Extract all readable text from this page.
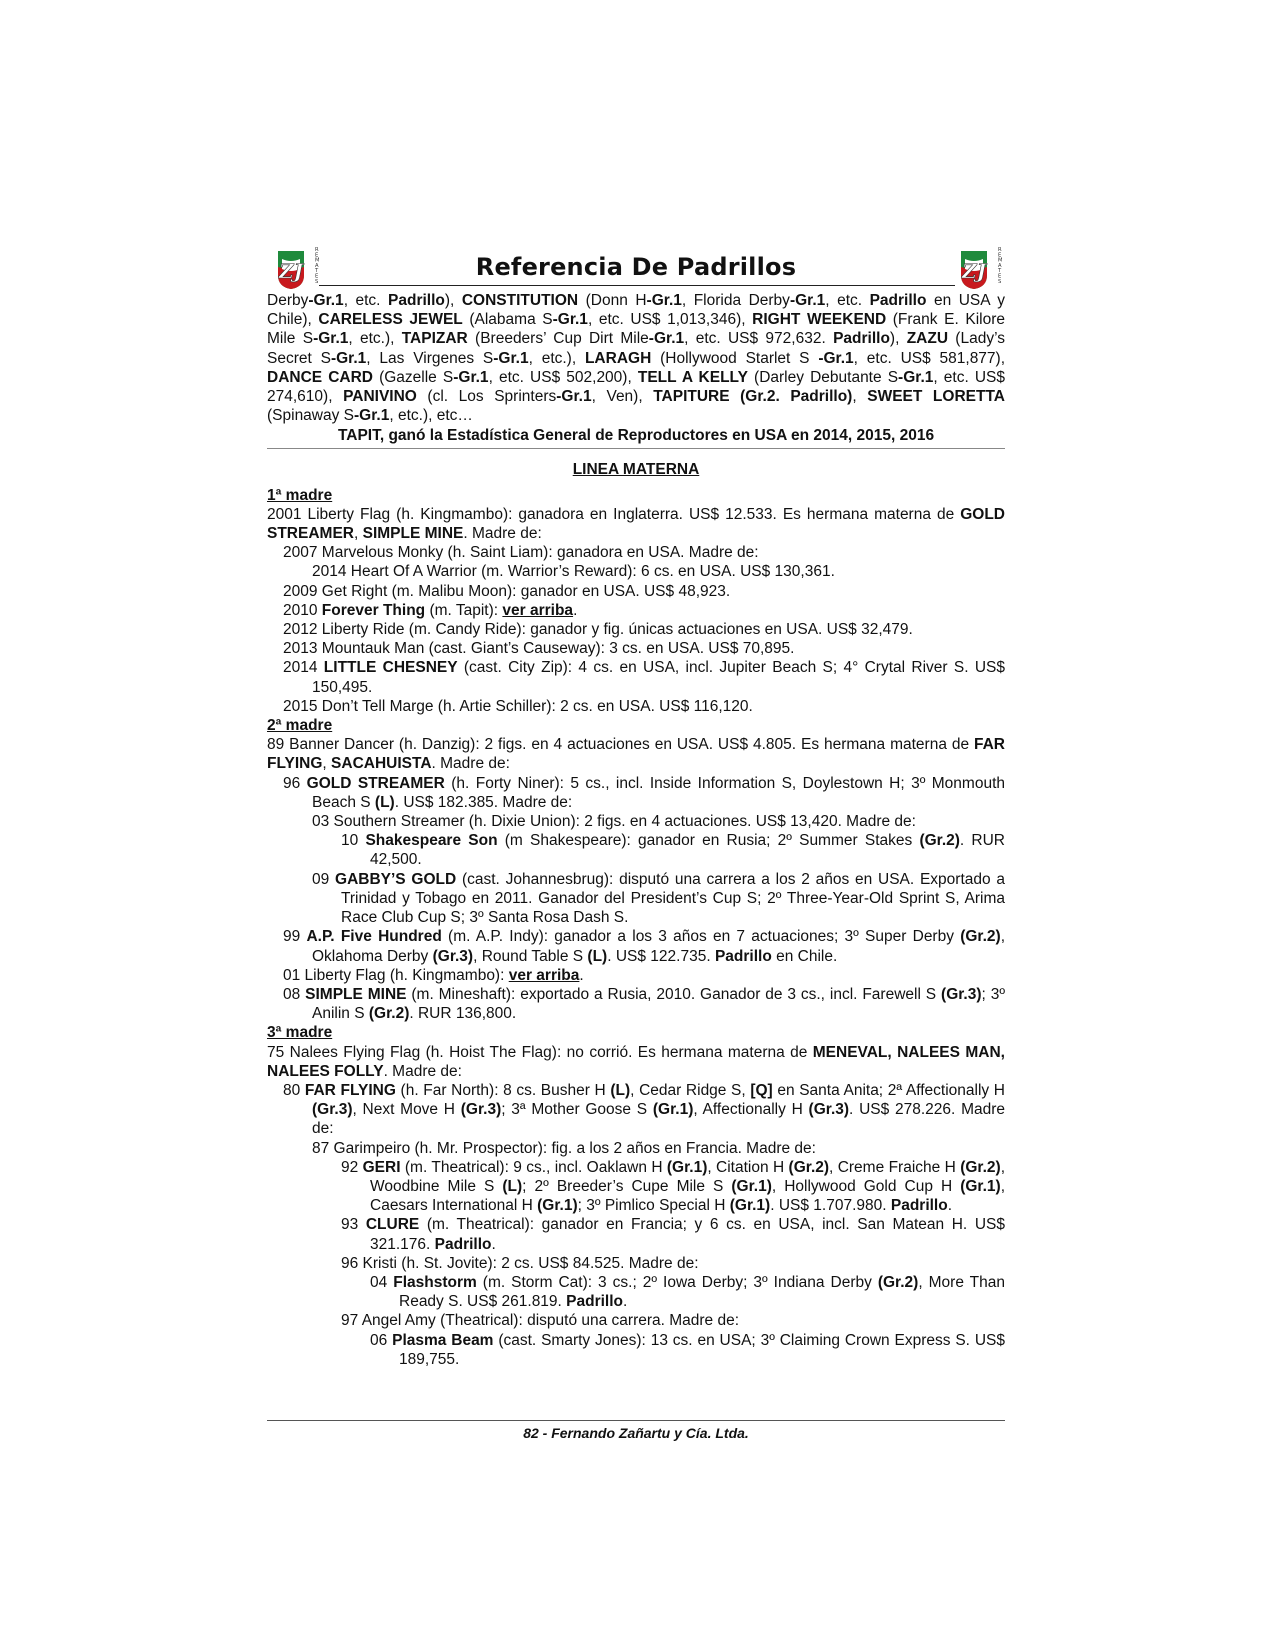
ZJ
R E M A T E S
Referencia De Padrillos	ZJ
R E M A T E S
Derby-Gr.1, etc. Padrillo), CONSTITUTION (Donn H-Gr.1, Florida Derby-Gr.1, etc. Padrillo en USA y Chile), CARELESS JEWEL (Alabama S-Gr.1, etc. US$ 1,013,346), RIGHT WEEKEND (Frank E. Kilore Mile S-Gr.1, etc.), TAPIZAR (Breeders’ Cup Dirt Mile-Gr.1, etc. US$ 972,632. Padrillo), ZAZU (Lady’s Secret S-Gr.1, Las Virgenes S-Gr.1, etc.), LARAGH (Hollywood Starlet S -Gr.1, etc. US$ 581,877), DANCE CARD (Gazelle S-Gr.1, etc. US$ 502,200), TELL A KELLY (Darley Debutante S-Gr.1, etc. US$ 274,610), PANIVINO (cl. Los Sprinters-Gr.1, Ven), TAPITURE (Gr.2. Padrillo), SWEET LORETTA (Spinaway S-Gr.1, etc.), etc…
TAPIT, ganó la Estadística General de Reproductores en USA en 2014, 2015, 2016
LINEA MATERNA
1ª madre
2001 Liberty Flag (h. Kingmambo): ganadora en Inglaterra. US$ 12.533. Es hermana materna de GOLD STREAMER, SIMPLE MINE. Madre de:
2007 Marvelous Monky (h. Saint Liam): ganadora en USA. Madre de:
2014 Heart Of A Warrior (m. Warrior’s Reward): 6 cs. en USA. US$ 130,361.
2009 Get Right (m. Malibu Moon): ganador en USA. US$ 48,923.
2010 Forever Thing (m. Tapit): ver arriba.
2012 Liberty Ride (m. Candy Ride): ganador y fig. únicas actuaciones en USA. US$ 32,479.
2013 Mountauk Man (cast. Giant’s Causeway): 3 cs. en USA. US$ 70,895.
2014 LITTLE CHESNEY (cast. City Zip): 4 cs. en USA, incl. Jupiter Beach S; 4° Crytal River S. US$ 150,495.
2015 Don’t Tell Marge (h. Artie Schiller): 2 cs. en USA. US$ 116,120.
2ª madre
89 Banner Dancer (h. Danzig): 2 figs. en 4 actuaciones en USA. US$ 4.805. Es hermana materna de FAR FLYING, SACAHUISTA. Madre de:
96 GOLD STREAMER (h. Forty Niner): 5 cs., incl. Inside Information S, Doylestown H; 3º Monmouth Beach S (L). US$ 182.385. Madre de:
03 Southern Streamer (h. Dixie Union): 2 figs. en 4 actuaciones. US$ 13,420. Madre de:
10 Shakespeare Son (m Shakespeare): ganador en Rusia; 2º Summer Stakes (Gr.2). RUR 42,500.
09 GABBY’S GOLD (cast. Johannesbrug): disputó una carrera a los 2 años en USA. Exportado a Trinidad y Tobago en 2011. Ganador del President’s Cup S; 2º Three-Year-Old Sprint S, Arima Race Club Cup S; 3º Santa Rosa Dash S.
99 A.P. Five Hundred (m. A.P. Indy): ganador a los 3 años en 7 actuaciones; 3º Super Derby (Gr.2), Oklahoma Derby (Gr.3), Round Table S (L). US$ 122.735. Padrillo en Chile.
01 Liberty Flag (h. Kingmambo): ver arriba.
08 SIMPLE MINE (m. Mineshaft): exportado a Rusia, 2010. Ganador de 3 cs., incl. Farewell S (Gr.3); 3º Anilin S (Gr.2). RUR 136,800.
3ª madre
75 Nalees Flying Flag (h. Hoist The Flag): no corrió. Es hermana materna de MENEVAL, NALEES MAN, NALEES FOLLY. Madre de:
80 FAR FLYING (h. Far North): 8 cs. Busher H (L), Cedar Ridge S, [Q] en Santa Anita; 2ª Affectionally H (Gr.3), Next Move H (Gr.3); 3ª Mother Goose S (Gr.1), Affectionally H (Gr.3). US$ 278.226. Madre de:
87 Garimpeiro (h. Mr. Prospector): fig. a los 2 años en Francia. Madre de:
92 GERI (m. Theatrical): 9 cs., incl. Oaklawn H (Gr.1), Citation H (Gr.2), Creme Fraiche H (Gr.2), Woodbine Mile S (L); 2º Breeder’s Cupe Mile S (Gr.1), Hollywood Gold Cup H (Gr.1), Caesars International H (Gr.1); 3º Pimlico Special H (Gr.1). US$ 1.707.980. Padrillo.
93 CLURE (m. Theatrical): ganador en Francia; y 6 cs. en USA, incl. San Matean H. US$ 321.176. Padrillo.
96 Kristi (h. St. Jovite): 2 cs. US$ 84.525. Madre de:
04 Flashstorm (m. Storm Cat): 3 cs.; 2º Iowa Derby; 3º Indiana Derby (Gr.2), More Than Ready S. US$ 261.819. Padrillo.
97 Angel Amy (Theatrical): disputó una carrera. Madre de:
06 Plasma Beam (cast. Smarty Jones): 13 cs. en USA; 3º Claiming Crown Express S. US$ 189,755.
82 - Fernando Zañartu y Cía. Ltda.
